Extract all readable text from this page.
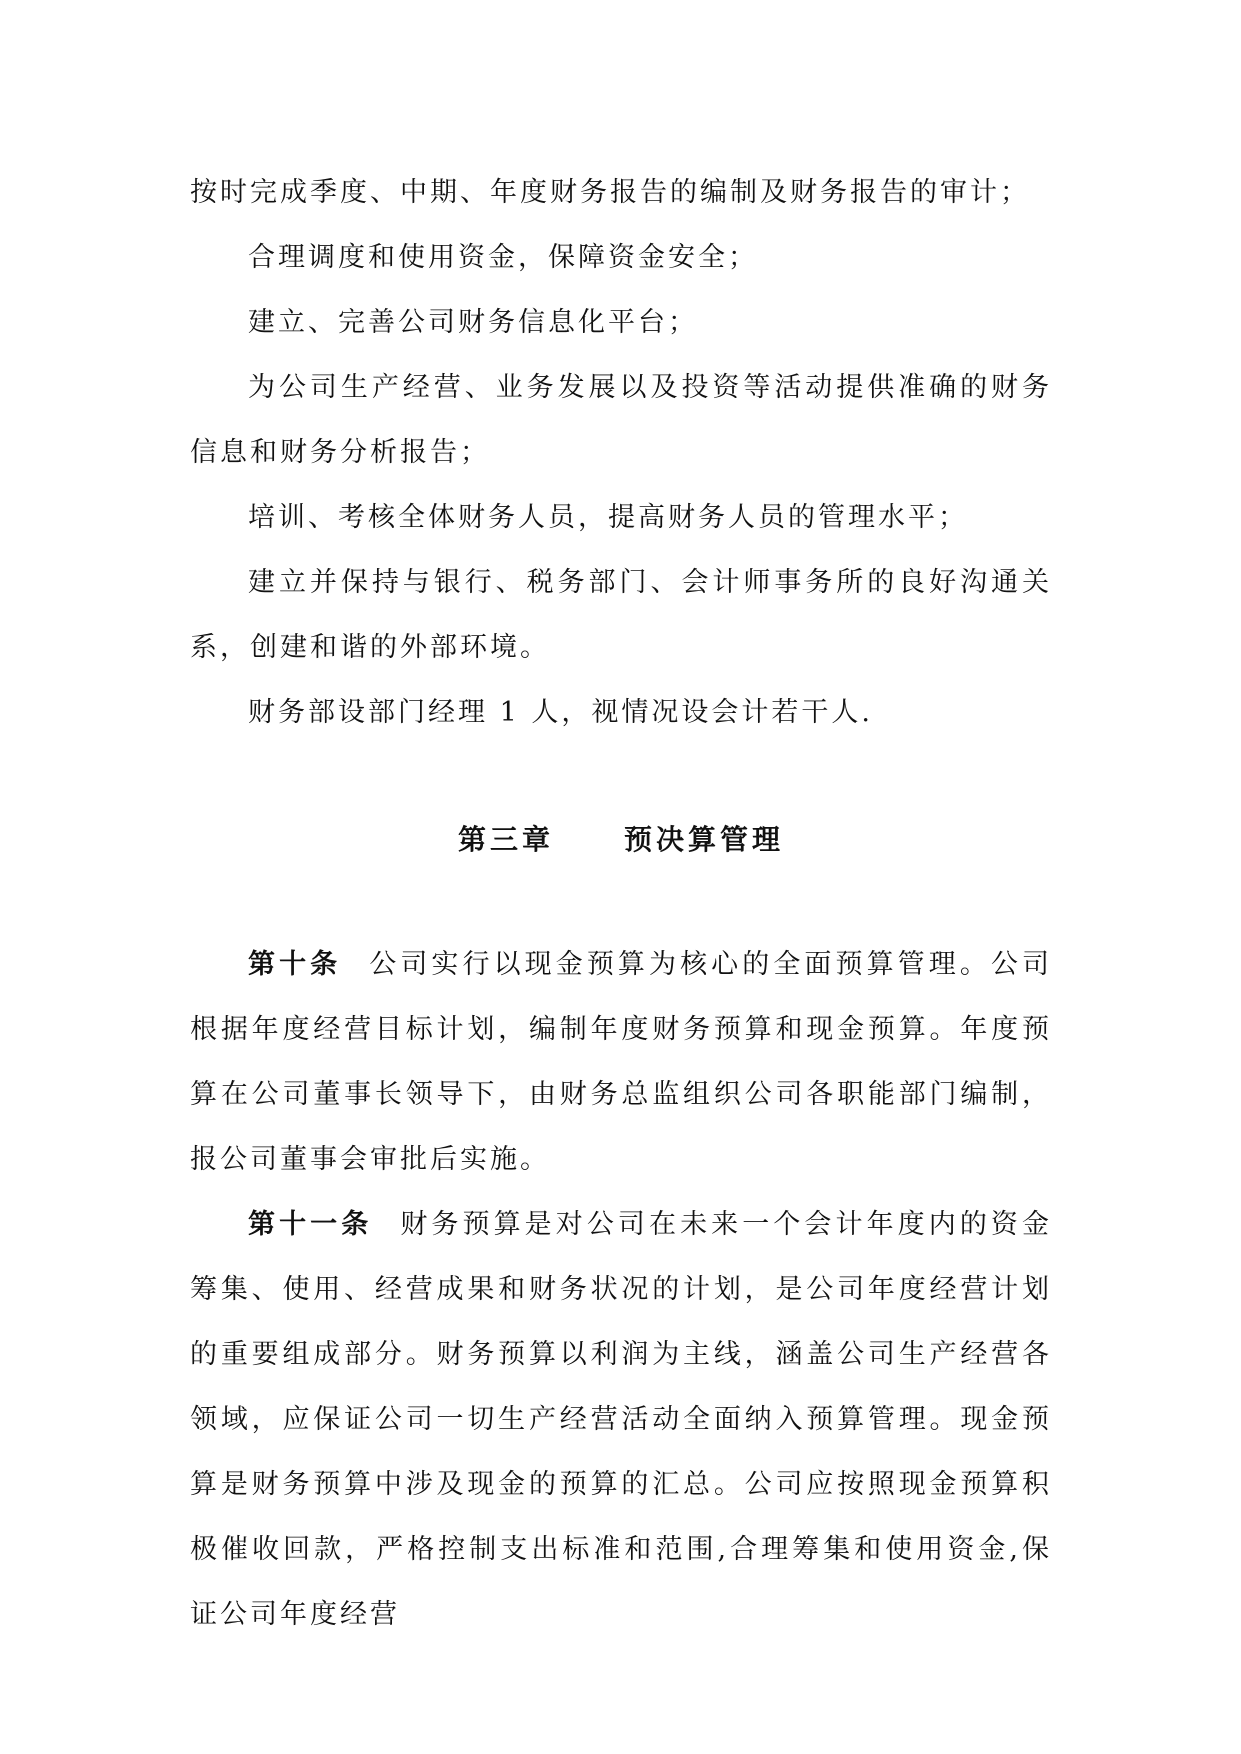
按时完成季度、中期、年度财务报告的编制及财务报告的审计；

合理调度和使用资金，保障资金安全；

建立、完善公司财务信息化平台；

为公司生产经营、业务发展以及投资等活动提供准确的财务信息和财务分析报告；

培训、考核全体财务人员，提高财务人员的管理水平；

建立并保持与银行、税务部门、会计师事务所的良好沟通关系，创建和谐的外部环境。

财务部设部门经理 1 人，视情况设会计若干人.

第三章	预决算管理

第十条 公司实行以现金预算为核心的全面预算管理。公司根据年度经营目标计划，编制年度财务预算和现金预算。年度预算在公司董事长领导下，由财务总监组织公司各职能部门编制，报公司董事会审批后实施。

第十一条 财务预算是对公司在未来一个会计年度内的资金筹集、使用、经营成果和财务状况的计划，是公司年度经营计划的重要组成部分。财务预算以利润为主线，涵盖公司生产经营各领域，应保证公司一切生产经营活动全面纳入预算管理。现金预算是财务预算中涉及现金的预算的汇总。公司应按照现金预算积极催收回款，严格控制支出标准和范围,合理筹集和使用资金,保证公司年度经营
